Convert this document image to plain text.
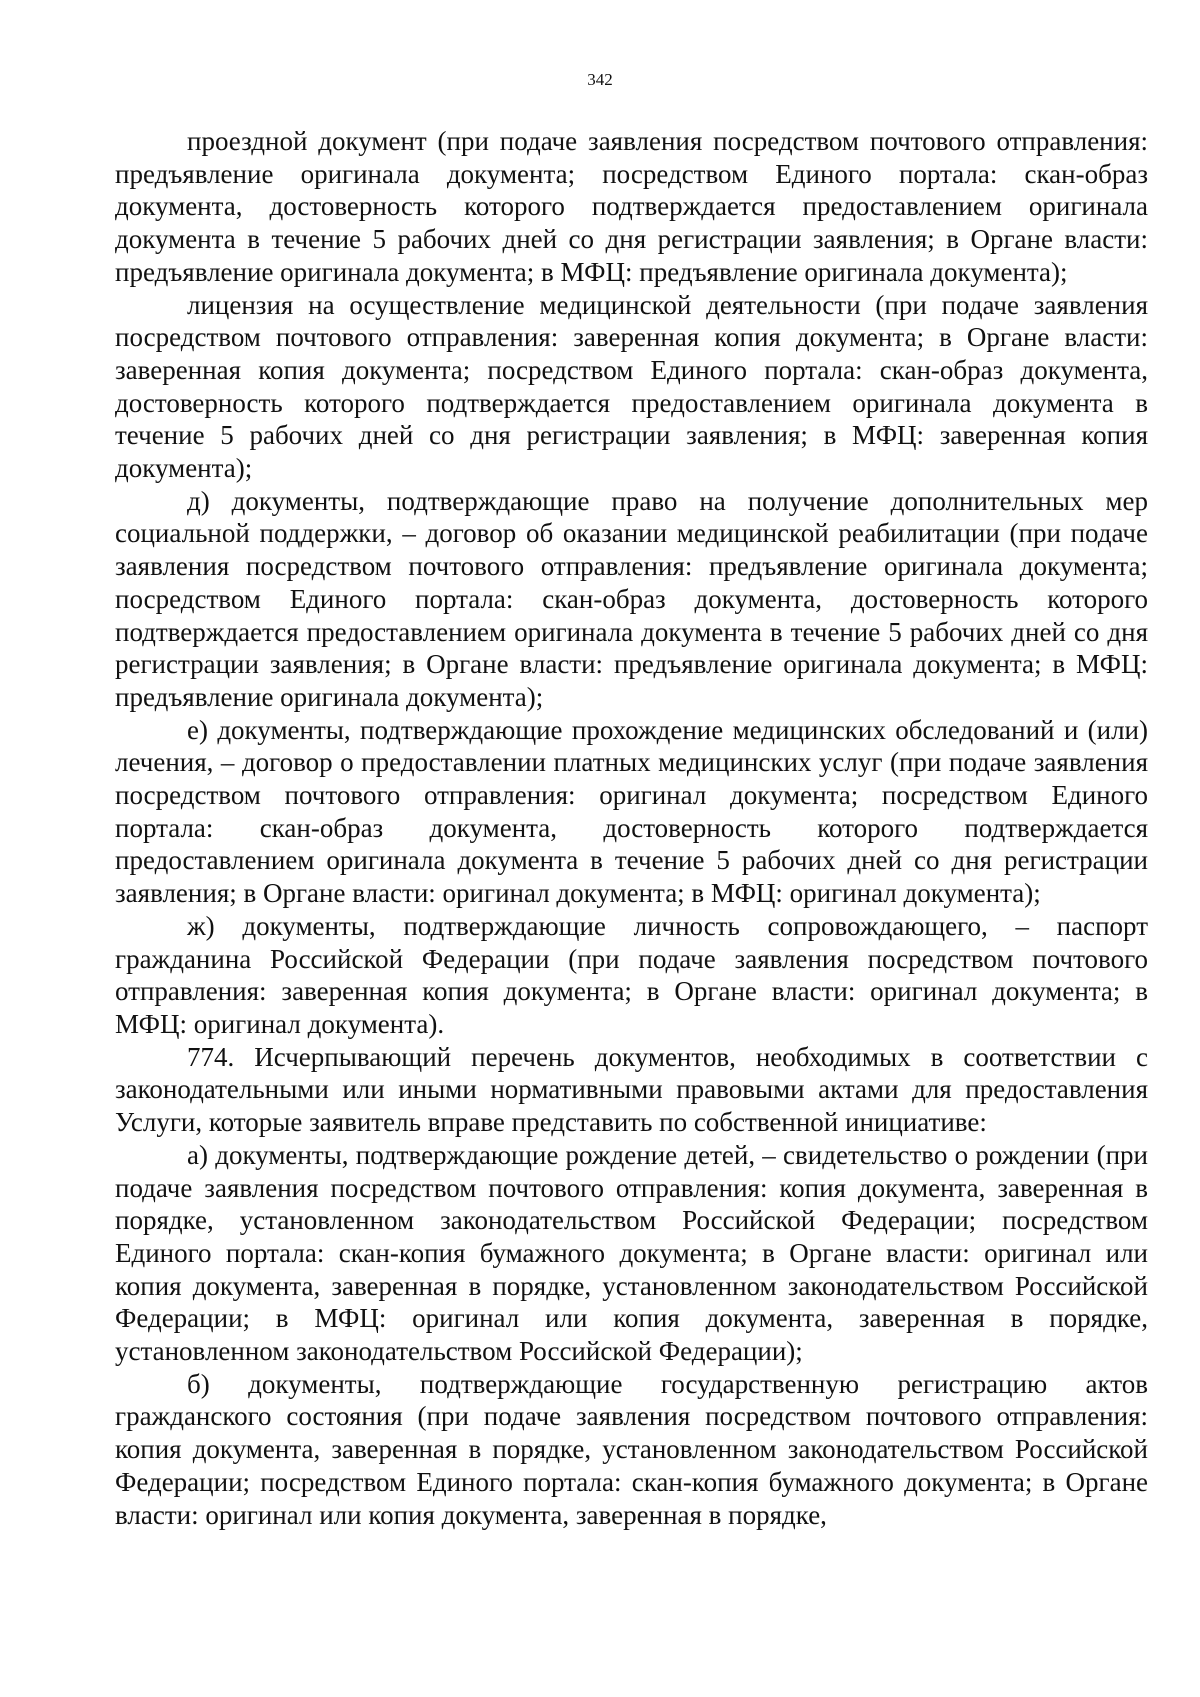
342

проездной документ (при подаче заявления посредством почтового отправления: предъявление оригинала документа; посредством Единого портала: скан-образ документа, достоверность которого подтверждается предоставлением оригинала документа в течение 5 рабочих дней со дня регистрации заявления; в Органе власти: предъявление оригинала документа; в МФЦ: предъявление оригинала документа);

лицензия на осуществление медицинской деятельности (при подаче заявления посредством почтового отправления: заверенная копия документа; в Органе власти: заверенная копия документа; посредством Единого портала: скан-образ документа, достоверность которого подтверждается предоставлением оригинала документа в течение 5 рабочих дней со дня регистрации заявления; в МФЦ: заверенная копия документа);

д) документы, подтверждающие право на получение дополнительных мер социальной поддержки, – договор об оказании медицинской реабилитации (при подаче заявления посредством почтового отправления: предъявление оригинала документа; посредством Единого портала: скан-образ документа, достоверность которого подтверждается предоставлением оригинала документа в течение 5 рабочих дней со дня регистрации заявления; в Органе власти: предъявление оригинала документа; в МФЦ: предъявление оригинала документа);

е) документы, подтверждающие прохождение медицинских обследований и (или) лечения, – договор о предоставлении платных медицинских услуг (при подаче заявления посредством почтового отправления: оригинал документа; посредством Единого портала: скан-образ документа, достоверность которого подтверждается предоставлением оригинала документа в течение 5 рабочих дней со дня регистрации заявления; в Органе власти: оригинал документа; в МФЦ: оригинал документа);

ж) документы, подтверждающие личность сопровождающего, – паспорт гражданина Российской Федерации (при подаче заявления посредством почтового отправления: заверенная копия документа; в Органе власти: оригинал документа; в МФЦ: оригинал документа).

774. Исчерпывающий перечень документов, необходимых в соответствии с законодательными или иными нормативными правовыми актами для предоставления Услуги, которые заявитель вправе представить по собственной инициативе:

а) документы, подтверждающие рождение детей, – свидетельство о рождении (при подаче заявления посредством почтового отправления: копия документа, заверенная в порядке, установленном законодательством Российской Федерации; посредством Единого портала: скан-копия бумажного документа; в Органе власти: оригинал или копия документа, заверенная в порядке, установленном законодательством Российской Федерации; в МФЦ: оригинал или копия документа, заверенная в порядке, установленном законодательством Российской Федерации);

б) документы, подтверждающие государственную регистрацию актов гражданского состояния (при подаче заявления посредством почтового отправления: копия документа, заверенная в порядке, установленном законодательством Российской Федерации; посредством Единого портала: скан-копия бумажного документа; в Органе власти: оригинал или копия документа, заверенная в порядке,
